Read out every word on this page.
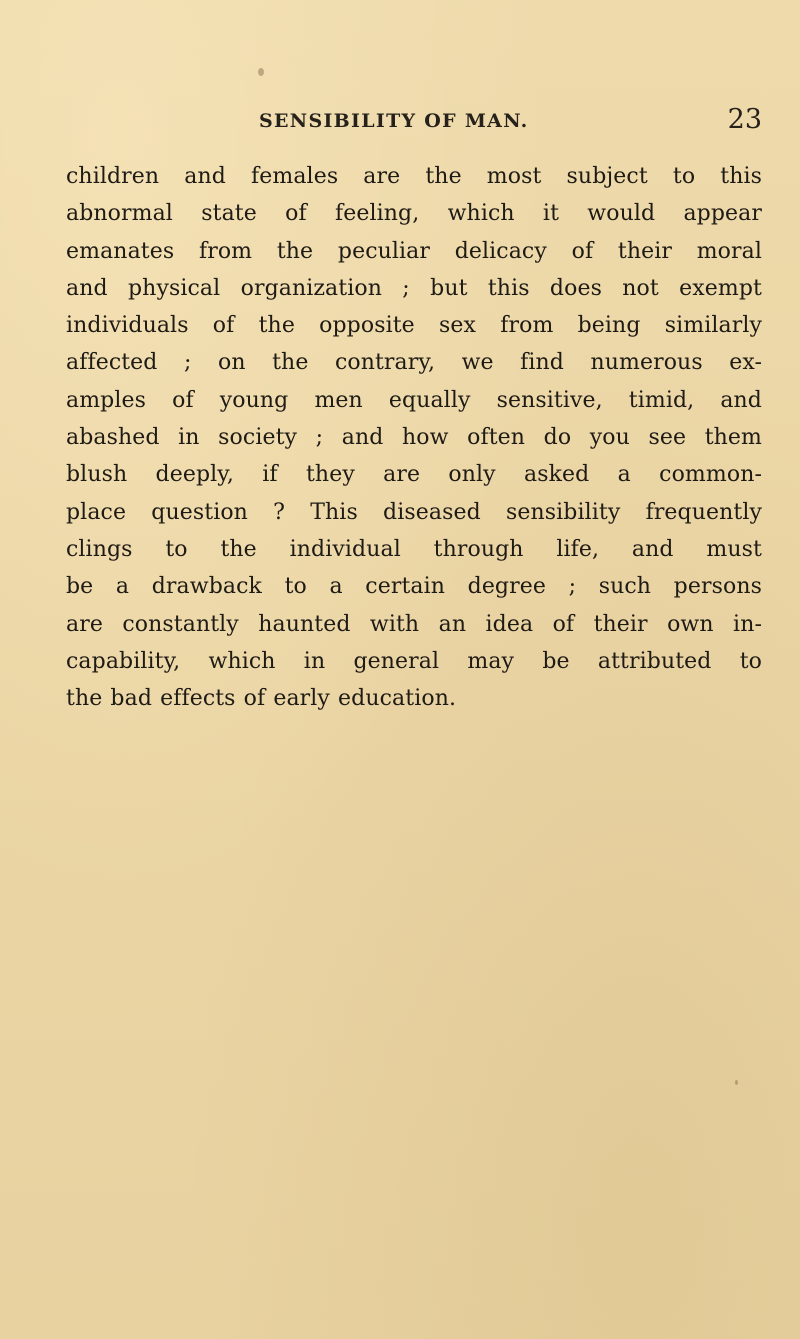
SENSIBILITY OF MAN.	23
children and females are the most subject to this
abnormal state of feeling, which it would appear
emanates from the peculiar delicacy of their moral
and physical organization ; but this does not exempt
individuals of the opposite sex from being similarly
affected ; on the contrary, we find numerous ex-
amples of young men equally sensitive, timid, and
abashed in society ; and how often do you see them
blush deeply, if they are only asked a common-
place question ? This diseased sensibility frequently
clings to the individual through life, and must
be a drawback to a certain degree ; such persons
are constantly haunted with an idea of their own in-
capability, which in general may be attributed to
the bad effects of early education.
